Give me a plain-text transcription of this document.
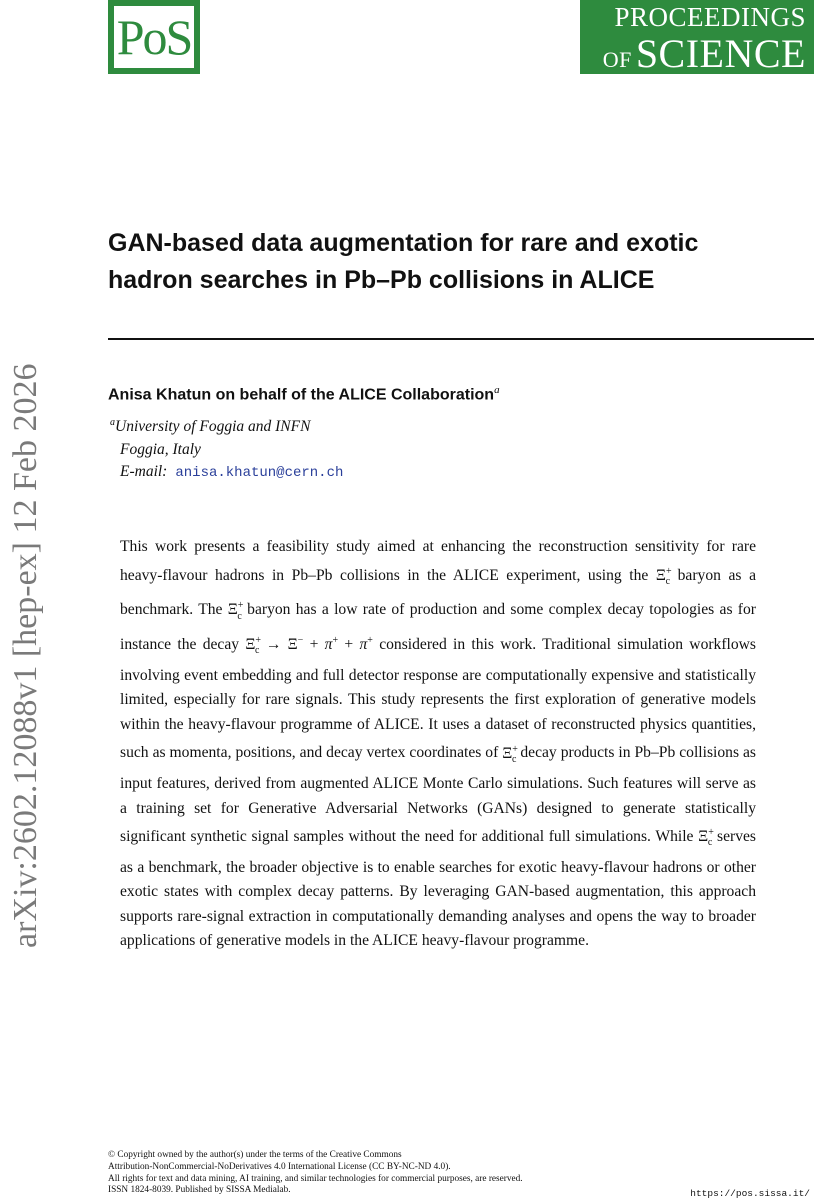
PoS	PROCEEDINGS
OF SCIENCE
arXiv:2602.12088v1 [hep-ex] 12 Feb 2026
GAN-based data augmentation for rare and exotic hadron searches in Pb–Pb collisions in ALICE
Anisa Khatun on behalf of the ALICE Collaboration$^a$
$^a$University of Foggia and INFN
Foggia, Italy
E-mail: anisa.khatun@cern.ch
This work presents a feasibility study aimed at enhancing the reconstruction sensitivity for rare heavy-flavour hadrons in Pb–Pb collisions in the ALICE experiment, using the $\Xi^+_c$ baryon as a benchmark. The $\Xi^+_c$ baryon has a low rate of production and some complex decay topologies as for instance the decay $\Xi^+_c \to \Xi^- + \pi^+ + \pi^+$ considered in this work. Traditional simulation workflows involving event embedding and full detector response are computationally expensive and statistically limited, especially for rare signals. This study represents the first exploration of generative models within the heavy-flavour programme of ALICE. It uses a dataset of reconstructed physics quantities, such as momenta, positions, and decay vertex coordinates of $\Xi^+_c$ decay products in Pb–Pb collisions as input features, derived from augmented ALICE Monte Carlo simulations. Such features will serve as a training set for Generative Adversarial Networks (GANs) designed to generate statistically significant synthetic signal samples without the need for additional full simulations. While $\Xi^+_c$ serves as a benchmark, the broader objective is to enable searches for exotic heavy-flavour hadrons or other exotic states with complex decay patterns. By leveraging GAN-based augmentation, this approach supports rare-signal extraction in computationally demanding analyses and opens the way to broader applications of generative models in the ALICE heavy-flavour programme.
© Copyright owned by the author(s) under the terms of the Creative Commons
Attribution-NonCommercial-NoDerivatives 4.0 International License (CC BY-NC-ND 4.0).
All rights for text and data mining, AI training, and similar technologies for commercial purposes, are reserved.
ISSN 1824-8039. Published by SISSA Medialab.	https://pos.sissa.it/
